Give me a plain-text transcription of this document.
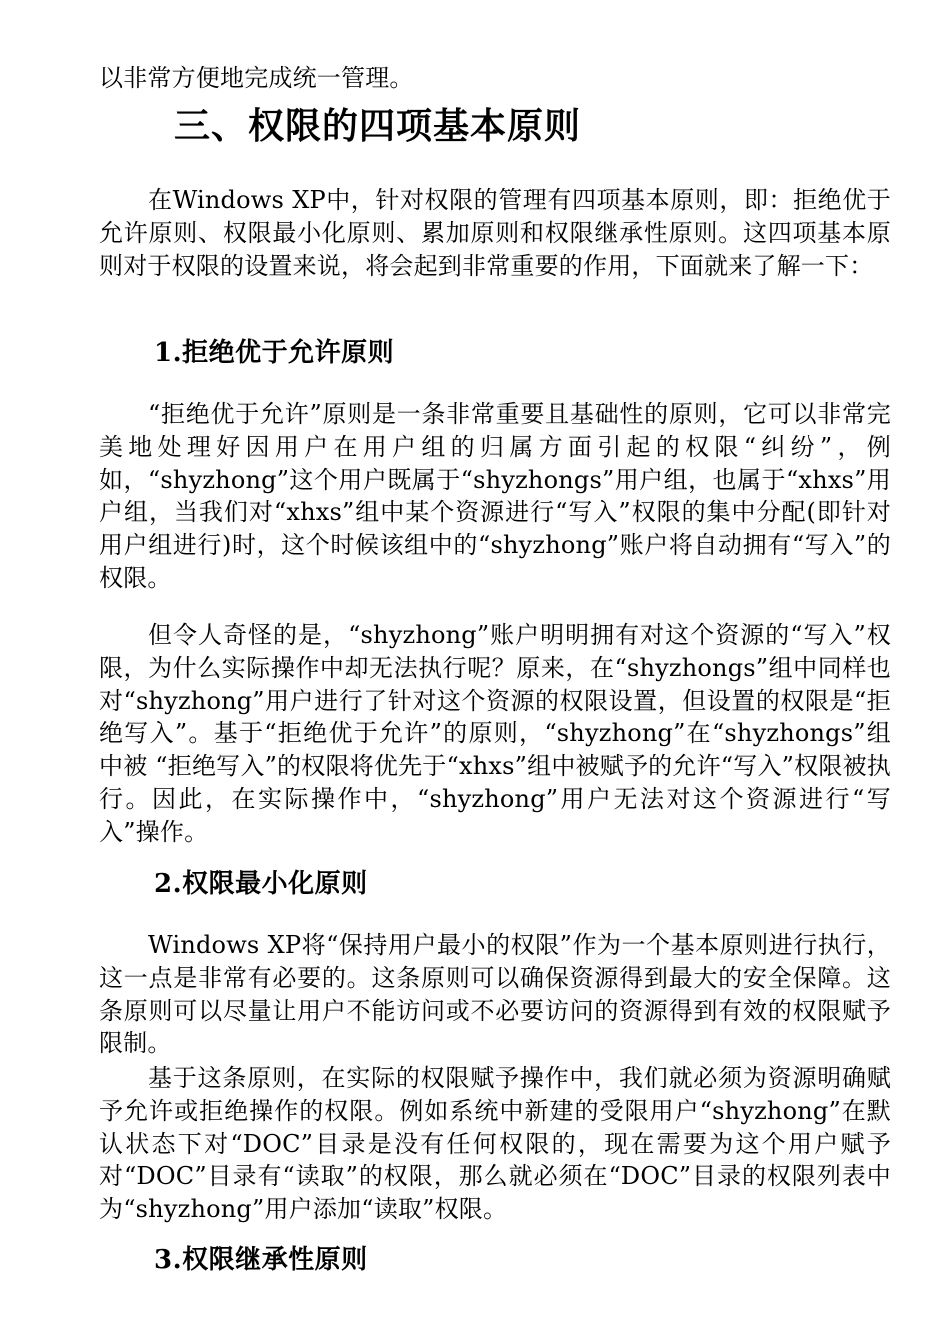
以非常方便地完成统一管理。

三、权限的四项基本原则

在Windows XP中，针对权限的管理有四项基本原则，即：拒绝优于允许原则、权限最小化原则、累加原则和权限继承性原则。这四项基本原则对于权限的设置来说，将会起到非常重要的作用，下面就来了解一下：

1.拒绝优于允许原则

“拒绝优于允许”原则是一条非常重要且基础性的原则，它可以非常完美地处理好因用户在用户组的归属方面引起的权限“纠纷”，例如，“shyzhong”这个用户既属于“shyzhongs”用户组，也属于“xhxs”用户组，当我们对“xhxs”组中某个资源进行“写入”权限的集中分配(即针对用户组进行)时，这个时候该组中的“shyzhong”账户将自动拥有“写入”的权限。

但令人奇怪的是，“shyzhong”账户明明拥有对这个资源的“写入”权限，为什么实际操作中却无法执行呢？原来，在“shyzhongs”组中同样也对“shyzhong”用户进行了针对这个资源的权限设置，但设置的权限是“拒绝写入”。基于“拒绝优于允许”的原则，“shyzhong”在“shyzhongs”组中被 “拒绝写入”的权限将优先于“xhxs”组中被赋予的允许“写入”权限被执行。因此，在实际操作中，“shyzhong”用户无法对这个资源进行“写入”操作。

2.权限最小化原则

Windows XP将“保持用户最小的权限”作为一个基本原则进行执行，这一点是非常有必要的。这条原则可以确保资源得到最大的安全保障。这条原则可以尽量让用户不能访问或不必要访问的资源得到有效的权限赋予限制。

基于这条原则，在实际的权限赋予操作中，我们就必须为资源明确赋予允许或拒绝操作的权限。例如系统中新建的受限用户“shyzhong”在默认状态下对“DOC”目录是没有任何权限的，现在需要为这个用户赋予对“DOC”目录有“读取”的权限，那么就必须在“DOC”目录的权限列表中为“shyzhong”用户添加“读取”权限。

3.权限继承性原则
